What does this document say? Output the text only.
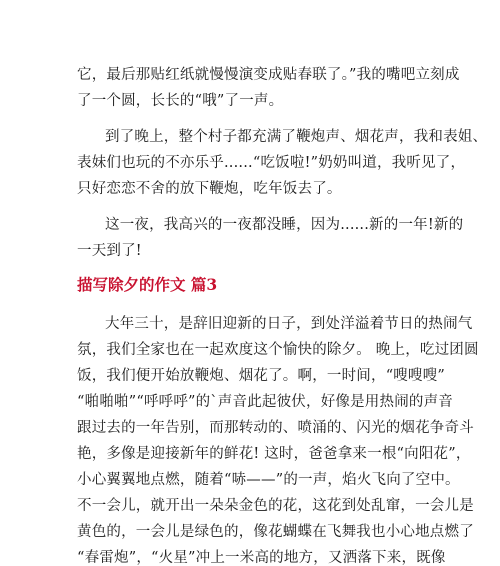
它，最后那贴红纸就慢慢演变成贴春联了。”我的嘴吧立刻成
了一个圆，长长的“哦”了一声。
到了晚上，整个村子都充满了鞭炮声、烟花声，我和表姐、
表妹们也玩的不亦乐乎......“吃饭啦!”奶奶叫道，我听见了，
只好恋恋不舍的放下鞭炮，吃年饭去了。
这一夜，我高兴的一夜都没睡，因为......新的一年!新的
一天到了!
描写除夕的作文 篇3
大年三十，是辞旧迎新的日子，到处洋溢着节日的热闹气
氛，我们全家也在一起欢度这个愉快的除夕。 晚上，吃过团圆
饭，我们便开始放鞭炮、烟花了。啊，一时间，“嗖嗖嗖”
“啪啪啪”“呼呼呼”的`声音此起彼伏，好像是用热闹的声音
跟过去的一年告别，而那转动的、喷涌的、闪光的烟花争奇斗
艳，多像是迎接新年的鲜花! 这时，爸爸拿来一根“向阳花”，
小心翼翼地点燃，随着“哧——”的一声，焰火飞向了空中。
不一会儿，就开出一朵朵金色的花，这花到处乱窜，一会儿是
黄色的，一会儿是绿色的，像花蝴蝶在飞舞我也小心地点燃了
“春雷炮”，“火星”冲上一米高的地方，又洒落下来，既像
